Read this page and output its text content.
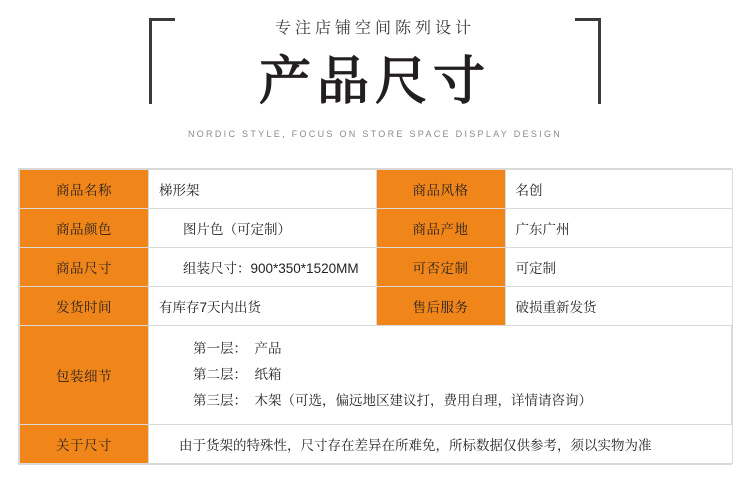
专注店铺空间陈列设计
产品尺寸
NORDIC STYLE, FOCUS ON STORE SPACE DISPLAY DESIGN
商品名称	梯形架	商品风格	名创
商品颜色	图片色（可定制）	商品产地	广东广州
商品尺寸	组装尺寸：900*350*1520MM	可否定制	可定制
发货时间	有库存7天内出货	售后服务	破损重新发货
包装细节	第一层：  产品
第二层：  纸箱
第三层：  木架（可选，偏远地区建议打，费用自理，详情请咨询）		

关于尺寸	由于货架的特殊性，尺寸存在差异在所难免，所标数据仅供参考，须以实物为准		
